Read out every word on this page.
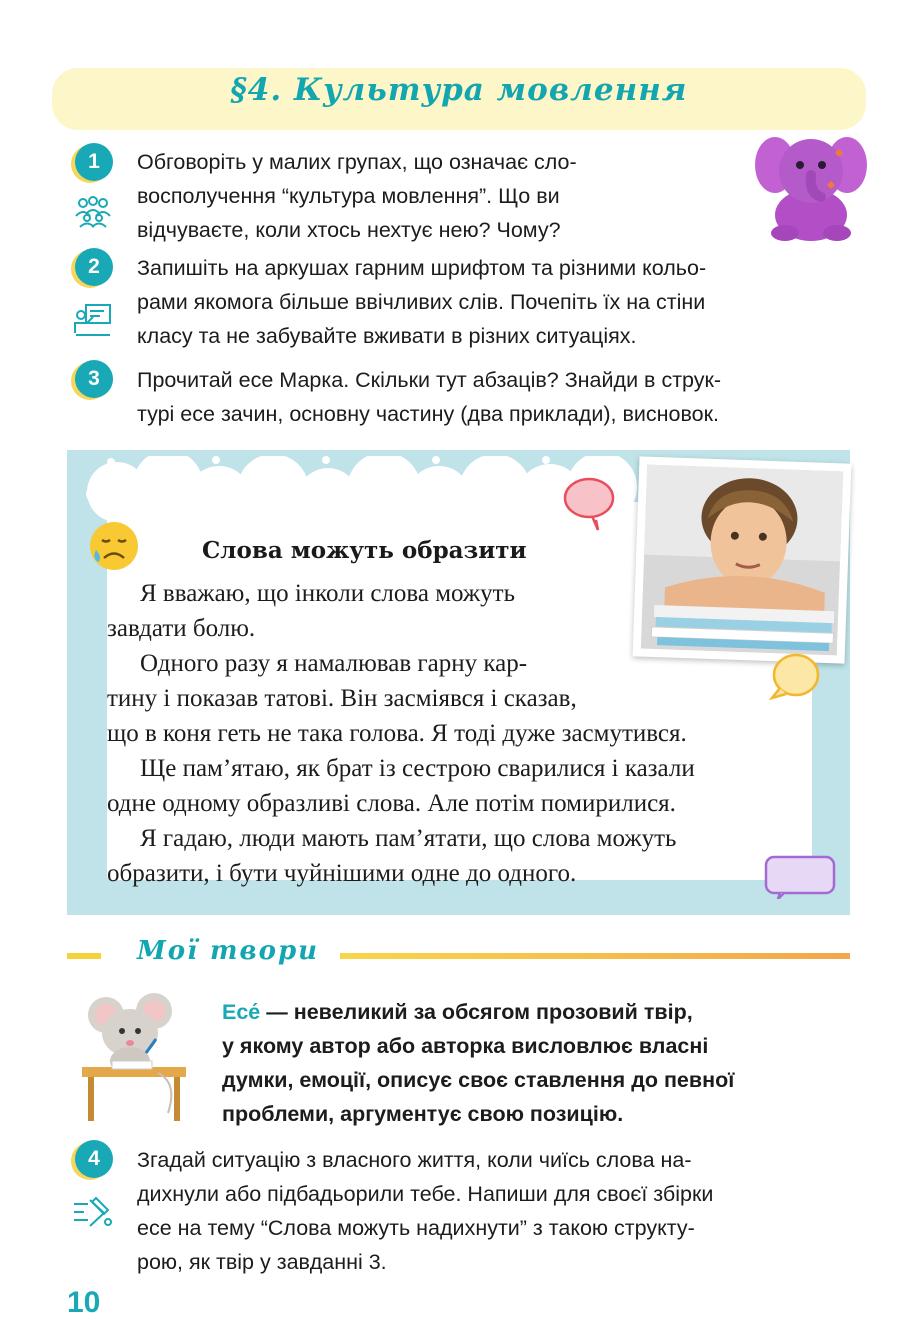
§4. Культура мовлення
1	Обговоріть у малих групах, що означає сло-
восполучення “культура мовлення”. Що ви
відчуваєте, коли хтось нехтує нею? Чому?
2	Запишіть на аркушах гарним шрифтом та різними кольо-
рами якомога більше ввічливих слів. Почепіть їх на стіни
класу та не забувайте вживати в різних ситуаціях.
3	Прочитай есе Марка. Скільки тут абзаців? Знайди в струк-
турі есе зачин, основну частину (два приклади), висновок.
Слова можуть образити
Я вважаю, що інколи слова можуть
завдати болю.
Одного разу я намалював гарну кар-
тину і показав татові. Він засміявся і сказав,
що в коня геть не така голова. Я тоді дуже засмутився.
Ще пам’ятаю, як брат із сестрою сварилися і казали
одне одному образливі слова. Але потім помирилися.
Я гадаю, люди мають пам’ятати, що слова можуть
образити, і бути чуйнішими одне до одного.
Мої твори
Есе́ — невеликий за обсягом прозовий твір,
у якому автор або авторка висловлює власні
думки, емоції, описує своє ставлення до певної
проблеми, аргументує свою позицію.
4	Згадай ситуацію з власного життя, коли чиїсь слова на-
дихнули або підбадьорили тебе. Напиши для своєї збірки
есе на тему “Слова можуть надихнути” з такою структу-
рою, як твір у завданні 3.
10
